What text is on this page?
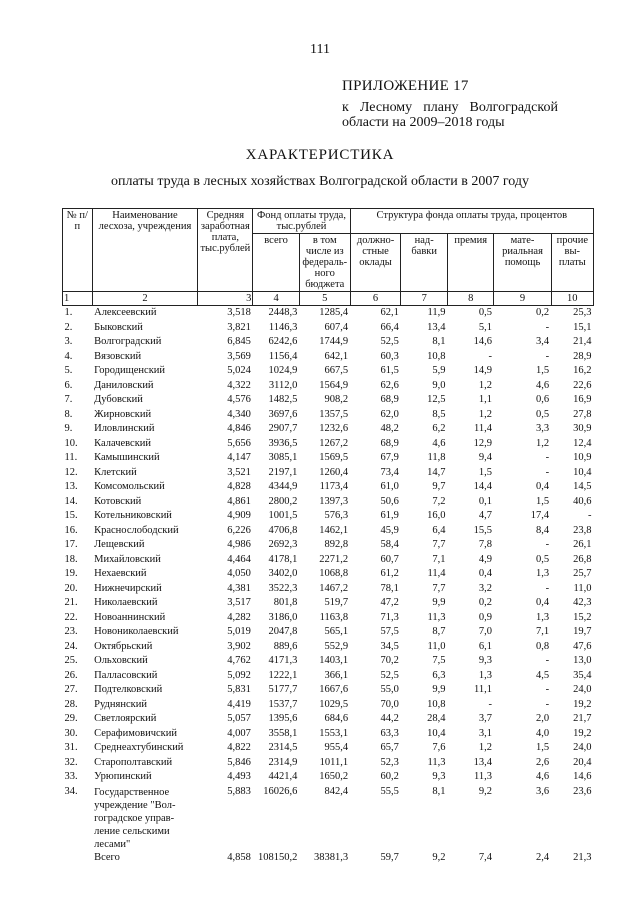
111
ПРИЛОЖЕНИЕ 17
к Лесному плану Волгоградской
области на 2009–2018 годы
ХАРАКТЕРИСТИКА
оплаты труда в лесных хозяйствах Волгоградской области в 2007 году
№ п/п	Наименование лесхоза, учреждения	Средняя заработная плата, тыс.рублей	Фонд оплаты труда, тыс.рублей		Структура фонда оплаты труда, процентов				
			всего	в том числе из федераль-ного бюджета	должно-стные оклады	над-бавки	премия	мате-риальная помощь	прочие вы-платы
1	2	3	4	5	6	7	8	9	10
1.	Алексеевский	3,518	2448,3	1285,4	62,1	11,9	0,5	0,2	25,3
2.	Быковский	3,821	1146,3	607,4	66,4	13,4	5,1	-	15,1
3.	Волгоградский	6,845	6242,6	1744,9	52,5	8,1	14,6	3,4	21,4
4.	Вязовский	3,569	1156,4	642,1	60,3	10,8	-	-	28,9
5.	Городищенский	5,024	1024,9	667,5	61,5	5,9	14,9	1,5	16,2
6.	Даниловский	4,322	3112,0	1564,9	62,6	9,0	1,2	4,6	22,6
7.	Дубовский	4,576	1482,5	908,2	68,9	12,5	1,1	0,6	16,9
8.	Жирновский	4,340	3697,6	1357,5	62,0	8,5	1,2	0,5	27,8
9.	Иловлинский	4,846	2907,7	1232,6	48,2	6,2	11,4	3,3	30,9
10.	Калачевский	5,656	3936,5	1267,2	68,9	4,6	12,9	1,2	12,4
11.	Камышинский	4,147	3085,1	1569,5	67,9	11,8	9,4	-	10,9
12.	Клетский	3,521	2197,1	1260,4	73,4	14,7	1,5	-	10,4
13.	Комсомольский	4,828	4344,9	1173,4	61,0	9,7	14,4	0,4	14,5
14.	Котовский	4,861	2800,2	1397,3	50,6	7,2	0,1	1,5	40,6
15.	Котельниковский	4,909	1001,5	576,3	61,9	16,0	4,7	17,4	-
16.	Краснослободский	6,226	4706,8	1462,1	45,9	6,4	15,5	8,4	23,8
17.	Лещевский	4,986	2692,3	892,8	58,4	7,7	7,8	-	26,1
18.	Михайловский	4,464	4178,1	2271,2	60,7	7,1	4,9	0,5	26,8
19.	Нехаевский	4,050	3402,0	1068,8	61,2	11,4	0,4	1,3	25,7
20.	Нижнечирский	4,381	3522,3	1467,2	78,1	7,7	3,2	-	11,0
21.	Николаевский	3,517	801,8	519,7	47,2	9,9	0,2	0,4	42,3
22.	Новоаннинский	4,282	3186,0	1163,8	71,3	11,3	0,9	1,3	15,2
23.	Новониколаевский	5,019	2047,8	565,1	57,5	8,7	7,0	7,1	19,7
24.	Октябрьский	3,902	889,6	552,9	34,5	11,0	6,1	0,8	47,6
25.	Ольховский	4,762	4171,3	1403,1	70,2	7,5	9,3	-	13,0
26.	Палласовский	5,092	1222,1	366,1	52,5	6,3	1,3	4,5	35,4
27.	Подтелковский	5,831	5177,7	1667,6	55,0	9,9	11,1	-	24,0
28.	Руднянский	4,419	1537,7	1029,5	70,0	10,8	-	-	19,2
29.	Светлоярский	5,057	1395,6	684,6	44,2	28,4	3,7	2,0	21,7
30.	Серафимовичский	4,007	3558,1	1553,1	63,3	10,4	3,1	4,0	19,2
31.	Среднеахтубинский	4,822	2314,5	955,4	65,7	7,6	1,2	1,5	24,0
32.	Старополтавский	5,846	2314,9	1011,1	52,3	11,3	13,4	2,6	20,4
33.	Урюпинский	4,493	4421,4	1650,2	60,2	9,3	11,3	4,6	14,6
34.	Государственное учреждение "Вол-гоградское управ-ление сельскими лесами"	5,883	16026,6	842,4	55,5	8,1	9,2	3,6	23,6
	Всего	4,858	108150,2	38381,3	59,7	9,2	7,4	2,4	21,3
